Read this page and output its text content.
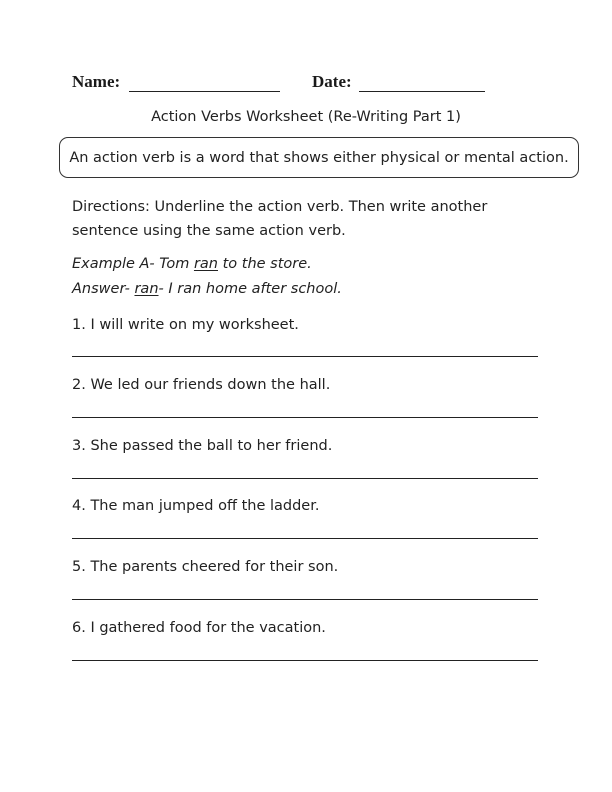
Name:	Date:
Action Verbs Worksheet (Re-Writing Part 1)
An action verb is a word that shows either physical or mental action.
Directions: Underline the action verb. Then write another
sentence using the same action verb.
Example A- Tom ran to the store.
Answer- ran- I ran home after school.
1. I will write on my worksheet.
2. We led our friends down the hall.
3. She passed the ball to her friend.
4. The man jumped off the ladder.
5. The parents cheered for their son.
6. I gathered food for the vacation.
